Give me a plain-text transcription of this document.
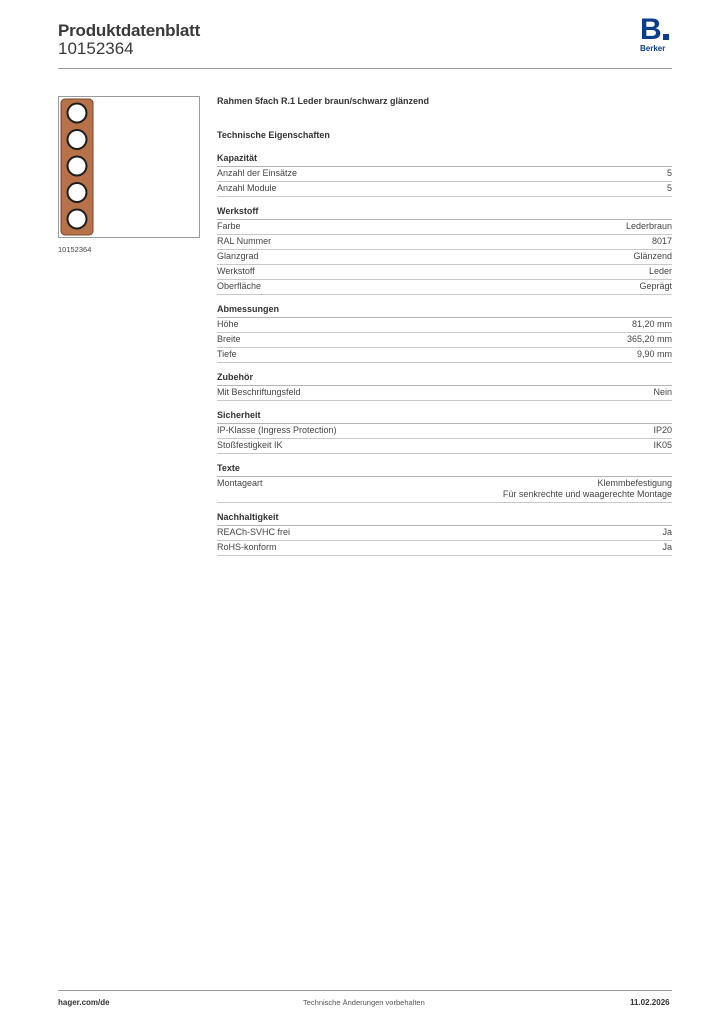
Produktdatenblatt
10152364
B
Berker
10152364
Rahmen 5fach R.1 Leder braun/schwarz glänzend
Technische Eigenschaften
Kapazität
Anzahl der Einsätze	5
Anzahl Module	5
Werkstoff
Farbe	Lederbraun
RAL Nummer	8017
Glanzgrad	Glänzend
Werkstoff	Leder
Oberfläche	Geprägt
Abmessungen
Höhe	81,20 mm
Breite	365,20 mm
Tiefe	9,90 mm
Zubehör
Mit Beschriftungsfeld	Nein
Sicherheit
IP-Klasse (Ingress Protection)	IP20
Stoßfestigkeit IK	IK05
Texte
Montageart	Klemmbefestigung
Für senkrechte und waagerechte Montage
Nachhaltigkeit
REACh-SVHC frei	Ja
RoHS-konform	Ja
hager.com/de	Technische Änderungen vorbehalten	11.02.2026
